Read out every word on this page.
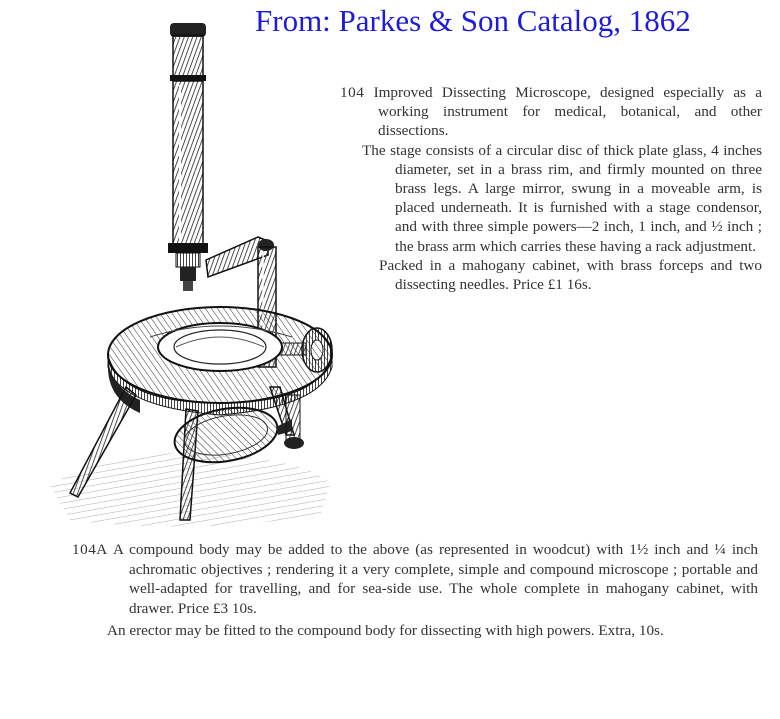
From: Parkes & Son Catalog, 1862

104 Improved Dissecting Microscope, designed especially as a working instrument for medical, botanical, and other dissections.

The stage consists of a circular disc of thick plate glass, 4 inches diameter, set in a brass rim, and firmly mounted on three brass legs. A large mirror, swung in a moveable arm, is placed underneath. It is furnished with a stage condensor, and with three simple powers—2 inch, 1 inch, and ½ inch ; the brass arm which carries these having a rack adjustment.

Packed in a mahogany cabinet, with brass forceps and two dissecting needles. Price £1 16s.

104A A compound body may be added to the above (as represented in woodcut) with 1½ inch and ¼ inch achromatic objectives ; rendering it a very complete, simple and compound microscope ; portable and well-adapted for travelling, and for sea-side use. The whole complete in mahogany cabinet, with drawer. Price £3 10s.

An erector may be fitted to the compound body for dissecting with high powers. Extra, 10s.
